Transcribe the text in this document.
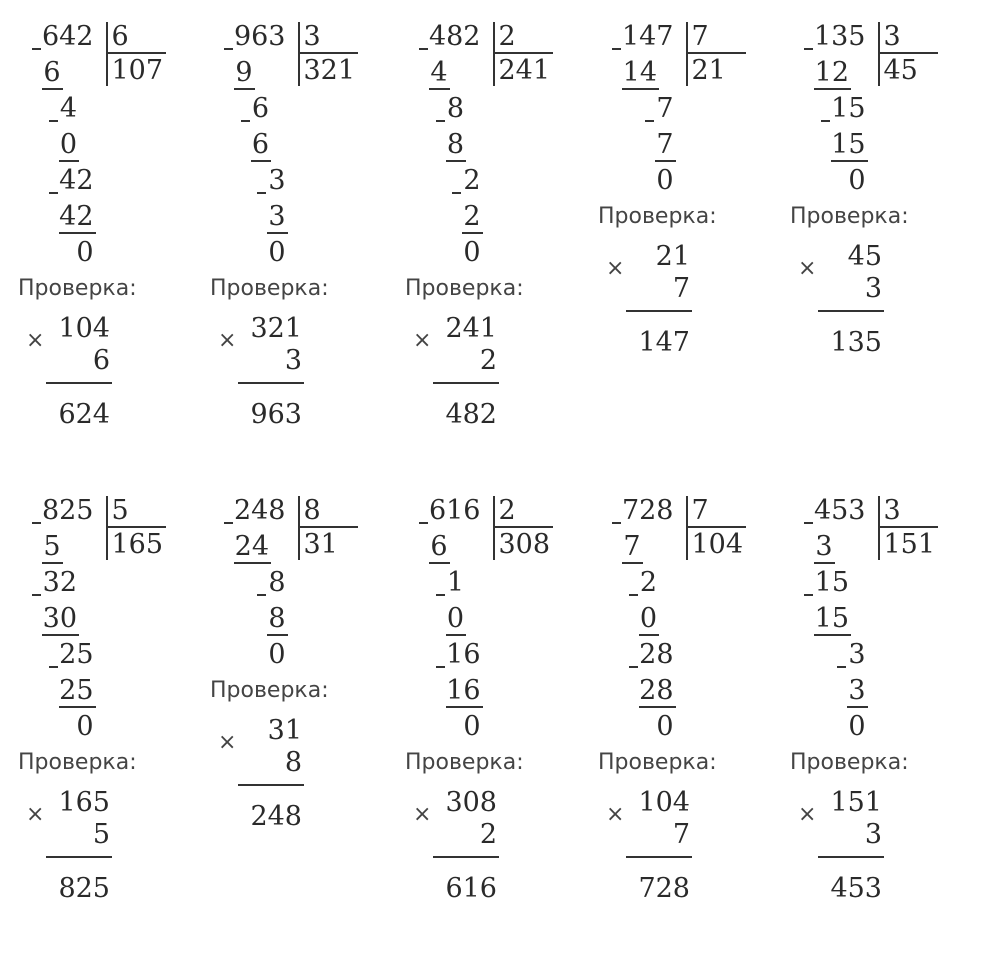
642 6
107
6
4
0
42
42
0
Проверка:
× 104
6
624
963 3
321
9
6
6
3
3
0
Проверка:
× 321
3
963
482 2
241
4
8
8
2
2
0
Проверка:
× 241
2
482
147 7
21
14
7
7
0
Проверка:
× 21
7
147
135 3
45
12
15
15
0
Проверка:
× 45
3
135
825 5
165
5
32
30
25
25
0
Проверка:
× 165
5
825
248 8
31
24
8
8
0
Проверка:
× 31
8
248
616 2
308
6
1
0
16
16
0
Проверка:
× 308
2
616
728 7
104
7
2
0
28
28
0
Проверка:
× 104
7
728
453 3
151
3
15
15
3
3
0
Проверка:
× 151
3
453
